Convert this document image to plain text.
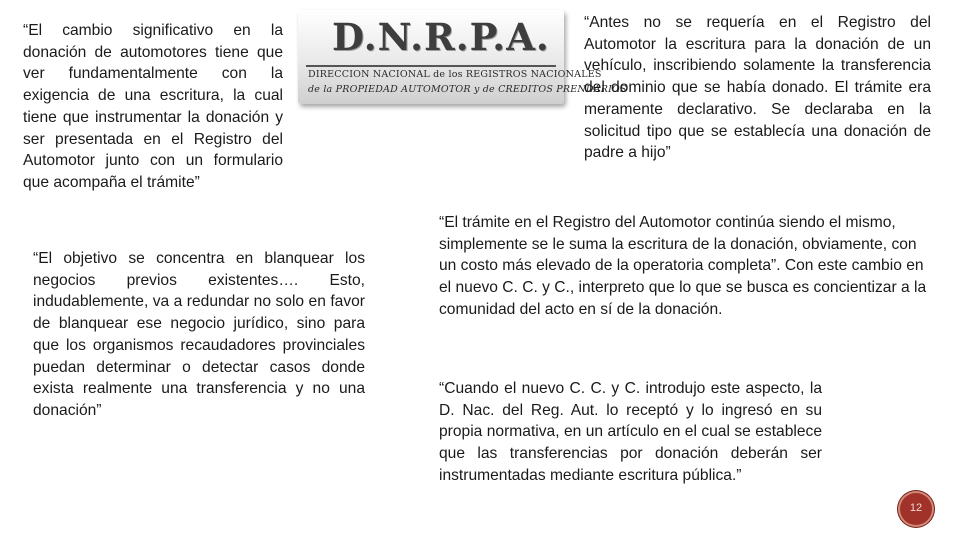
“El cambio significativo en la donación de automotores tiene que ver fundamentalmente con la exigencia de una escritura, la cual tiene que instrumentar la donación y ser presentada en el Registro del Automotor junto con un formulario que acompaña el trámite”

D.N.R.P.A.
DIRECCION NACIONAL de los REGISTROS NACIONALES
de la PROPIEDAD AUTOMOTOR y de CREDITOS PRENDARIOS

“Antes no se requería en el Registro del Automotor la escritura para la donación de un vehículo, inscribiendo solamente la transferencia del dominio que se había donado. El trámite era meramente declarativo. Se declaraba en la solicitud tipo que se establecía una donación de padre a hijo”

“El trámite en el Registro del Automotor continúa siendo el mismo, simplemente se le suma la escritura de la donación, obviamente, con un costo más elevado de la operatoria completa”. Con este cambio en el nuevo C. C. y C., interpreto que lo que se busca es concientizar a la comunidad del acto en sí de la donación.

“El objetivo se concentra en blanquear los negocios previos existentes…. Esto, indudablemente, va a redundar no solo en favor de blanquear ese negocio jurídico, sino para que los organismos recaudadores provinciales puedan determinar o detectar casos donde exista realmente una transferencia y no una donación”

“Cuando el nuevo C. C. y C. introdujo este aspecto, la D. Nac. del Reg. Aut. lo receptó y lo ingresó en su propia normativa, en un artículo en el cual se establece que las transferencias por donación deberán ser instrumentadas mediante escritura pública.”

12
